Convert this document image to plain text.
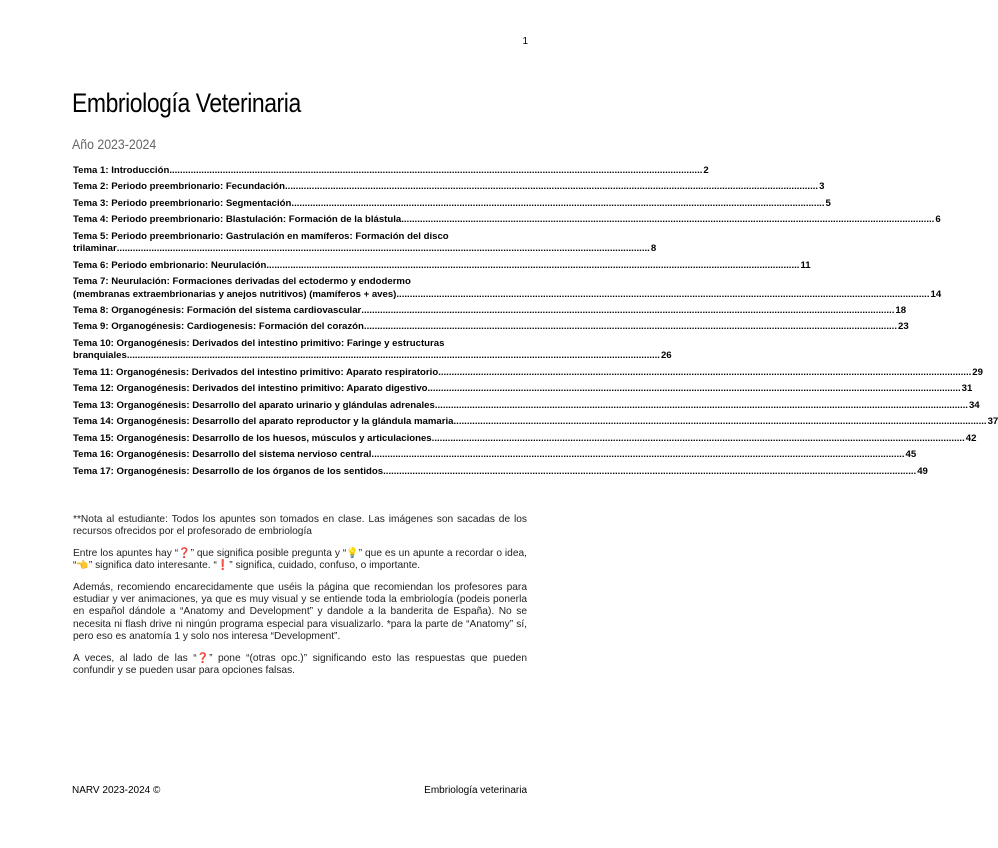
1
Embriología Veterinaria
Año 2023-2024
Tema 1: Introducción ........................................................................................................................................................................................................ 2
Tema 2: Periodo preembrionario: Fecundación ........................................................................................................................................................................................................ 3
Tema 3: Periodo preembrionario: Segmentación ........................................................................................................................................................................................................ 5
Tema 4: Periodo preembrionario: Blastulación: Formación de la blástula ........................................................................................................................................................................................................ 6
Tema 5: Periodo preembrionario: Gastrulación en mamíferos: Formación del disco
trilaminar ........................................................................................................................................................................................................ 8
Tema 6: Periodo embrionario: Neurulación ........................................................................................................................................................................................................ 11
Tema 7: Neurulación: Formaciones derivadas del ectodermo y endodermo
(membranas extraembrionarias y anejos nutritivos) (mamíferos + aves) ........................................................................................................................................................................................................ 14
Tema 8: Organogénesis: Formación del sistema cardiovascular ........................................................................................................................................................................................................ 18
Tema 9: Organogénesis: Cardiogenesis: Formación del corazón ........................................................................................................................................................................................................ 23
Tema 10: Organogénesis: Derivados del intestino primitivo: Faringe y estructuras
branquiales ........................................................................................................................................................................................................ 26
Tema 11: Organogénesis: Derivados del intestino primitivo: Aparato respiratorio ........................................................................................................................................................................................................ 29
Tema 12: Organogénesis: Derivados del intestino primitivo: Aparato digestivo ........................................................................................................................................................................................................ 31
Tema 13: Organogénesis: Desarrollo del aparato urinario y glándulas adrenales ........................................................................................................................................................................................................ 34
Tema 14: Organogénesis: Desarrollo del aparato reproductor y la glándula mamaria ........................................................................................................................................................................................................ 37
Tema 15: Organogénesis: Desarrollo de los huesos, músculos y articulaciones ........................................................................................................................................................................................................ 42
Tema 16: Organogénesis: Desarrollo del sistema nervioso central ........................................................................................................................................................................................................ 45
Tema 17: Organogénesis: Desarrollo de los órganos de los sentidos ........................................................................................................................................................................................................ 49

**Nota al estudiante: Todos los apuntes son tomados en clase. Las imágenes son sacadas de los recursos ofrecidos por el profesorado de embriología

Entre los apuntes hay “❓” que significa posible pregunta y “💡” que es un apunte a recordar o idea, “👈” significa dato interesante. “❗” significa, cuidado, confuso, o importante.

Además, recomiendo encarecidamente que uséis la página que recomiendan los profesores para estudiar y ver animaciones, ya que es muy visual y se entiende toda la embriología (podeis ponerla en español dándole a “Anatomy and Development” y dandole a la banderita de España). No se necesita ni flash drive ni ningún programa especial para visualizarlo. *para la parte de “Anatomy” sí, pero eso es anatomía 1 y solo nos interesa “Development”.

A veces, al lado de las “❓” pone “(otras opc.)” significando esto las respuestas que pueden confundir y se pueden usar para opciones falsas.

NARV 2023-2024 ©	Embriología veterinaria
